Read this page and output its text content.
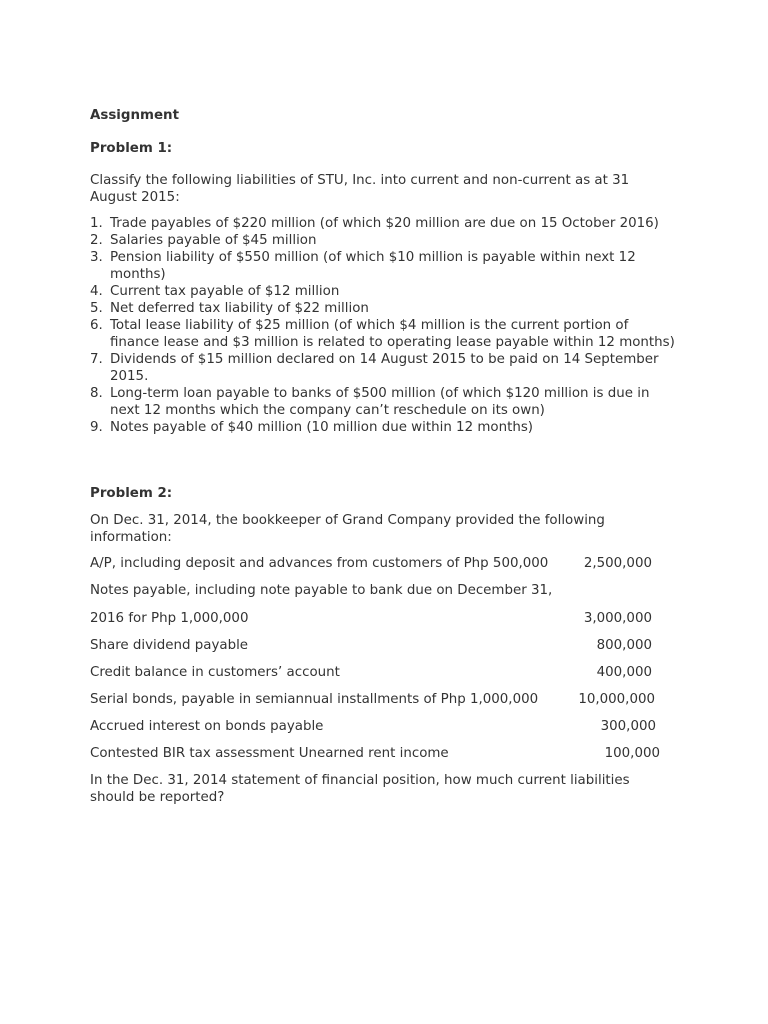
Assignment
Problem 1:
Classify the following liabilities of STU, Inc. into current and non-current as at 31 August 2015:
1. Trade payables of $220 million (of which $20 million are due on 15 October 2016)
2. Salaries payable of $45 million
3. Pension liability of $550 million (of which $10 million is payable within next 12 months)
4. Current tax payable of $12 million
5. Net deferred tax liability of $22 million
6. Total lease liability of $25 million (of which $4 million is the current portion of finance lease and $3 million is related to operating lease payable within 12 months)
7. Dividends of $15 million declared on 14 August 2015 to be paid on 14 September 2015.
8. Long-term loan payable to banks of $500 million (of which $120 million is due in next 12 months which the company can’t reschedule on its own)
9. Notes payable of $40 million (10 million due within 12 months)
Problem 2:
On Dec. 31, 2014, the bookkeeper of Grand Company provided the following information:
A/P, including deposit and advances from customers of Php 500,000	2,500,000
Notes payable, including note payable to bank due on December 31,
2016 for Php 1,000,000	3,000,000
Share dividend payable	800,000
Credit balance in customers’ account	400,000
Serial bonds, payable in semiannual installments of Php 1,000,000	10,000,000
Accrued interest on bonds payable	300,000
Contested BIR tax assessment Unearned rent income	100,000
In the Dec. 31, 2014 statement of financial position, how much current liabilities should be reported?
